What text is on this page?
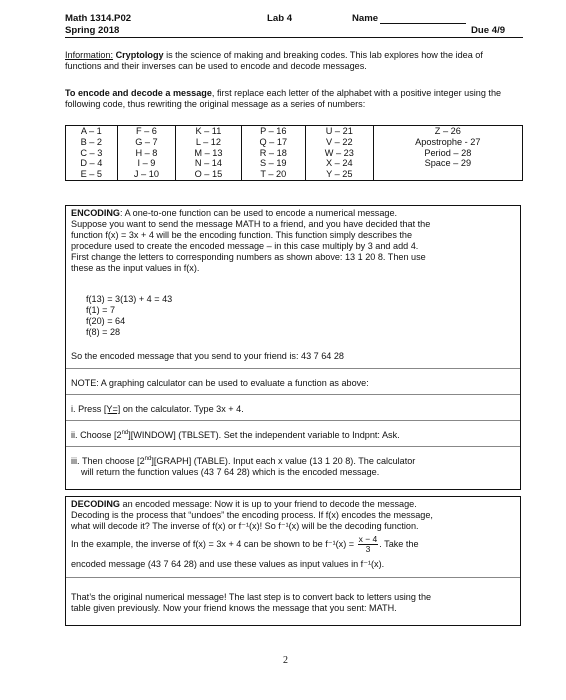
Math 1314.P02
Spring 2018
Lab 4	Name
Due 4/9
Information: Cryptology is the science of making and breaking codes. This lab explores how the idea of functions and their inverses can be used to encode and decode messages.
To encode and decode a message, first replace each letter of the alphabet with a positive integer using the following code, thus rewriting the original message as a series of numbers:
A – 1	F – 6	K – 11	P – 16	U – 21	Z – 26
B – 2	G – 7	L – 12	Q – 17	V – 22	Apostrophe - 27
C – 3	H – 8	M – 13	R – 18	W – 23	Period – 28
D – 4	I – 9	N – 14	S – 19	X – 24	Space – 29
E – 5	J – 10	O – 15	T – 20	Y – 25	
ENCODING: A one-to-one function can be used to encode a numerical message.
Suppose you want to send the message MATH to a friend, and you have decided that the
function f(x) = 3x + 4 will be the encoding function. This function simply describes the
procedure used to create the encoded message – in this case multiply by 3 and add 4.
First change the letters to corresponding numbers as shown above: 13 1 20 8. Then use
these as the input values in f(x).
f(13) = 3(13) + 4 = 43
f(1) = 7
f(20) = 64
f(8) = 28
So the encoded message that you send to your friend is: 43 7 64 28
NOTE: A graphing calculator can be used to evaluate a function as above:
i. Press [Y=] on the calculator. Type 3x + 4.
ii. Choose [2nd][WINDOW] (TBLSET). Set the independent variable to Indpnt: Ask.
iii. Then choose [2nd][GRAPH] (TABLE). Input each x value (13 1 20 8). The calculator
will return the function values (43 7 64 28) which is the encoded message.
DECODING an encoded message: Now it is up to your friend to decode the message.
Decoding is the process that “undoes” the encoding process. If f(x) encodes the message,
what will decode it? The inverse of f(x) or f⁻¹(x)! So f⁻¹(x) will be the decoding function.
In the example, the inverse of f(x) = 3x + 4 can be shown to be $f^{-1}(x) = \frac{x - 4}{3}$ . Take the
encoded message (43 7 64 28) and use these values as input values in f⁻¹(x).
That’s the original numerical message! The last step is to convert back to letters using the
table given previously. Now your friend knows the message that you sent: MATH.
2
